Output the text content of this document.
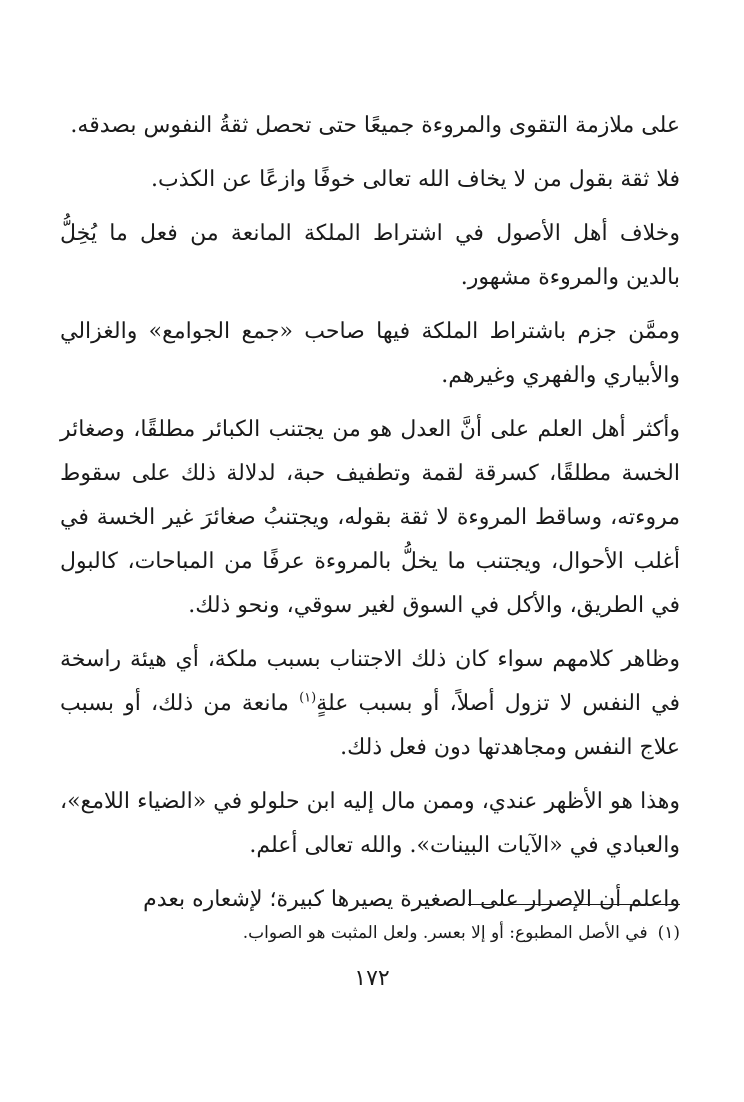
على ملازمة التقوى والمروءة جميعًا حتى تحصل ثقةُ النفوس بصدقه.

فلا ثقة بقول من لا يخاف الله تعالى خوفًا وازعًا عن الكذب.

وخلاف أهل الأصول في اشتراط الملكة المانعة من فعل ما يُخِلُّ بالدين والمروءة مشهور.

وممَّن جزم باشتراط الملكة فيها صاحب «جمع الجوامع» والغزالي والأبياري والفهري وغيرهم.

وأكثر أهل العلم على أنَّ العدل هو من يجتنب الكبائر مطلقًا، وصغائر الخسة مطلقًا، كسرقة لقمة وتطفيف حبة، لدلالة ذلك على سقوط مروءته، وساقط المروءة لا ثقة بقوله، ويجتنبُ صغائرَ غير الخسة في أغلب الأحوال، ويجتنب ما يخلُّ بالمروءة عرفًا من المباحات، كالبول في الطريق، والأكل في السوق لغير سوقي، ونحو ذلك.

وظاهر كلامهم سواء كان ذلك الاجتناب بسبب ملكة، أي هيئة راسخة في النفس لا تزول أصلاً، أو بسبب علةٍ$^{(١)}$ مانعة من ذلك، أو بسبب علاج النفس ومجاهدتها دون فعل ذلك.

وهذا هو الأظهر عندي، وممن مال إليه ابن حلولو في «الضياء اللامع»، والعبادي في «الآيات البينات». والله تعالى أعلم.

واعلم أن الإصرار على الصغيرة يصيرها كبيرة؛ لإشعاره بعدم

(١)في الأصل المطبوع: أو إلا بعسر. ولعل المثبت هو الصواب.
١٧٢
